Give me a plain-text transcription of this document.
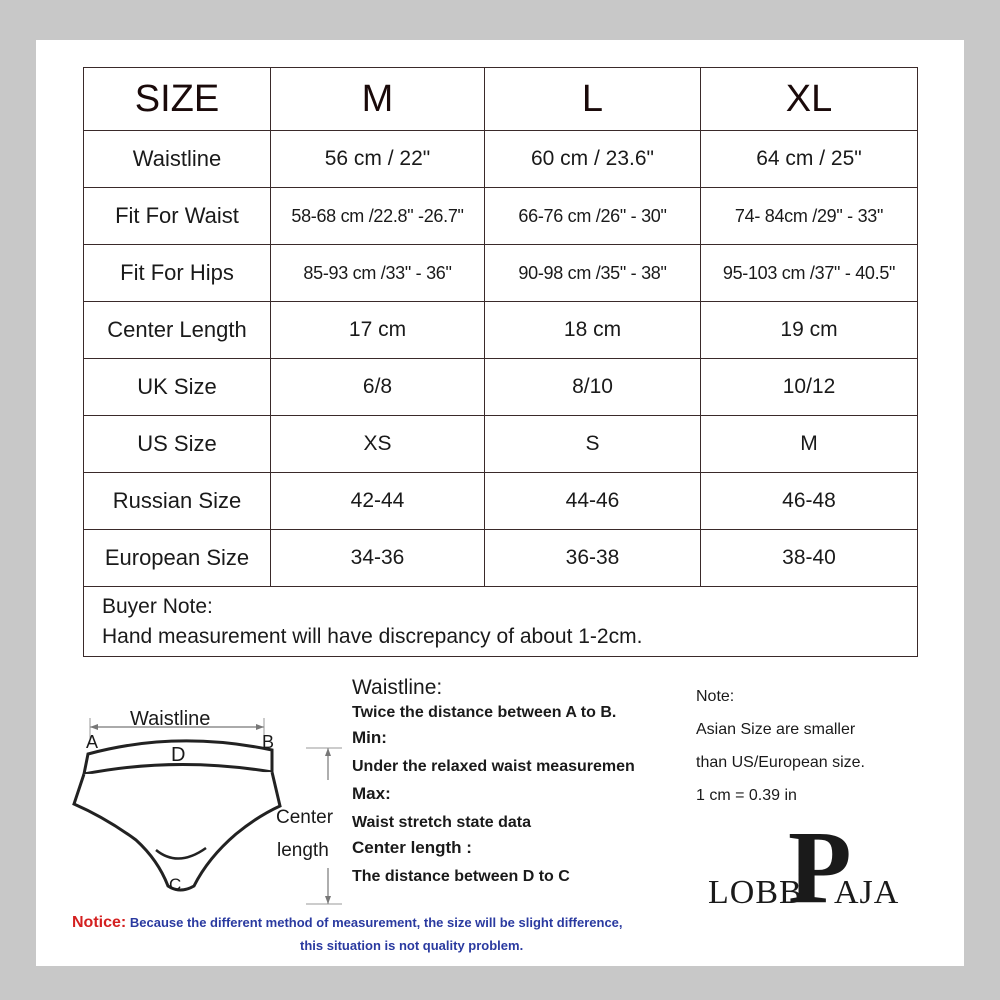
SIZE	M	L	XL
Waistline	56 cm / 22"	60 cm / 23.6"	64 cm / 25"
Fit For Waist	58-68 cm /22.8" -26.7"	66-76 cm /26" - 30"	74- 84cm /29" - 33"
Fit For Hips	85-93 cm /33" - 36"	90-98 cm /35" - 38"	95-103 cm /37" - 40.5"
Center Length	17 cm	18 cm	19 cm
UK Size	6/8	8/10	10/12
US Size	XS	S	M
Russian Size	42-44	44-46	46-48
European Size	34-36	36-38	38-40

Buyer Note:
Hand measurement will have discrepancy of about 1-2cm.			
Waistline
A	B
D
C
Center
length
Waistline:
Twice the distance between A to B.
Min:
Under the relaxed waist measuremen
Max:
Waist stretch state data
Center length :
The distance between D to C
Note:
Asian Size are smaller
than US/European size.
1 cm = 0.39 in
LOBB
P
AJA
Notice: Because the different method of measurement, the size will be slight difference,
this situation is not quality problem.
